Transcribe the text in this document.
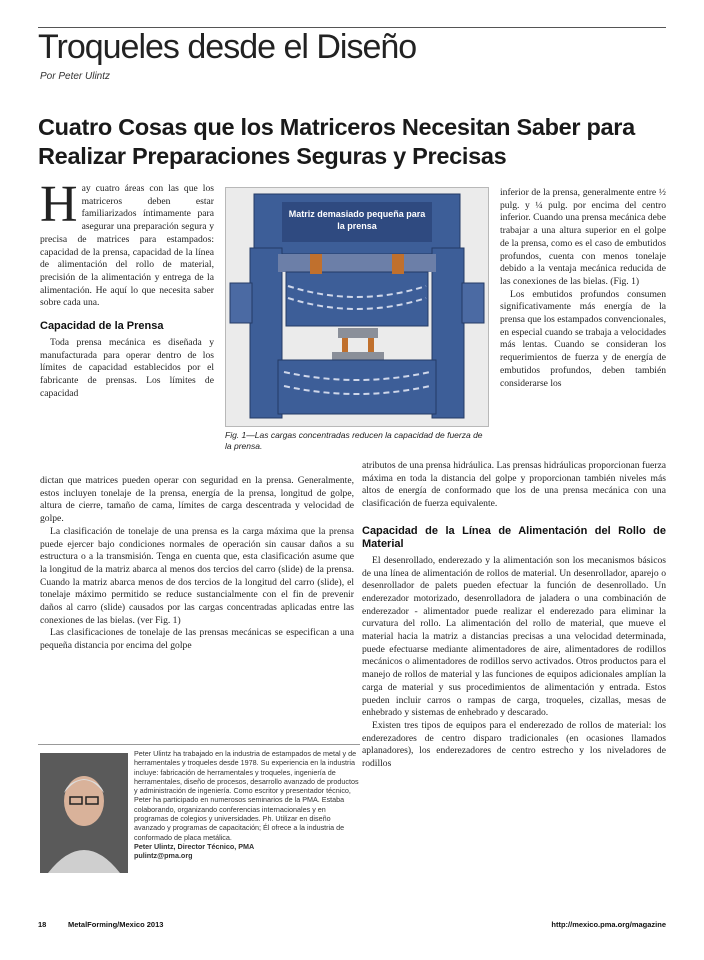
Troqueles desde el Diseño
Por Peter Ulintz
Cuatro Cosas que los Matriceros Necesitan Saber para Realizar Preparaciones Seguras y Precisas

Hay cuatro áreas con las que los matriceros deben estar familiarizados íntimamente para asegurar una preparación segura y precisa de matrices para estampados: capacidad de la prensa, capacidad de la línea de alimentación del rollo de material, precisión de la alimentación y entrega de la alimentación. He aquí lo que necesita saber sobre cada una.

Capacidad de la Prensa

Toda prensa mecánica es diseñada y manufacturada para operar dentro de los límites de capacidad establecidos por el fabricante de prensas. Los límites de capacidad

Matriz demasiado pequeña para la prensa
Fig. 1—Las cargas concentradas reducen la capacidad de fuerza de la prensa.

inferior de la prensa, generalmente entre ½ pulg. y ¼ pulg. por encima del centro inferior. Cuando una prensa mecánica debe trabajar a una altura superior en el golpe de la prensa, como es el caso de embutidos profundos, cuenta con menos tonelaje debido a la ventaja mecánica reducida de las conexiones de las bielas. (Fig. 1)

Los embutidos profundos consumen significativamente más energía de la prensa que los estampados convencionales, en especial cuando se trabaja a velocidades más lentas. Cuando se consideran los requerimientos de fuerza y de energía de embutidos profundos, deben también considerarse los

dictan que matrices pueden operar con seguridad en la prensa. Generalmente, estos incluyen tonelaje de la prensa, energía de la prensa, longitud de golpe, altura de cierre, tamaño de cama, límites de carga descentrada y velocidad de golpe.

La clasificación de tonelaje de una prensa es la carga máxima que la prensa puede ejercer bajo condiciones normales de operación sin causar daños a su estructura o a la transmisión. Tenga en cuenta que, esta clasificación asume que la longitud de la matriz abarca al menos dos tercios del carro (slide) de la prensa. Cuando la matriz abarca menos de dos tercios de la longitud del carro (slide), el tonelaje máximo permitido se reduce sustancialmente con el fin de prevenir daños al carro (slide) causados por las cargas concentradas aplicadas entre las conexiones de las bielas. (ver Fig. 1)

Las clasificaciones de tonelaje de las prensas mecánicas se especifican a una pequeña distancia por encima del golpe

atributos de una prensa hidráulica. Las prensas hidráulicas proporcionan fuerza máxima en toda la distancia del golpe y proporcionan también niveles más altos de energía de conformado que los de una prensa mecánica con una clasificación de fuerza equivalente.

Capacidad de la Línea de Alimentación del Rollo de Material

El desenrollado, enderezado y la alimentación son los mecanismos básicos de una línea de alimentación de rollos de material. Un desenrollador, aparejo o desenrollador de palets pueden efectuar la función de desenrollado. Un enderezador motorizado, desenrolladora de jaladera o una combinación de enderezador - alimentador puede realizar el enderezado para eliminar la curvatura del rollo. La alimentación del rollo de material, que mueve el material hacia la matriz a distancias precisas a una velocidad determinada, puede efectuarse mediante alimentadores de aire, alimentadores de rodillos mecánicos o alimentadores de rodillos servo activados. Otros productos para el manejo de rollos de material y las funciones de equipos adicionales amplían la carga de material y sus procedimientos de alimentación y entrada. Estos pueden incluir carros o rampas de carga, troqueles, cizallas, mesas de enhebrado y sistemas de enhebrado y descarado.

Existen tres tipos de equipos para el enderezado de rollos de material: los enderezadores de centro disparo tradicionales (en ocasiones llamados aplanadores), los enderezadores de centro estrecho y los niveladores de rodillos

Peter Ulintz ha trabajado en la industria de estampados de metal y de herramentales y troqueles desde 1978. Su experiencia en la industria incluye: fabricación de herramentales y troqueles, ingeniería de herramentales, diseño de procesos, desarrollo avanzado de productos y administración de ingeniería. Como escritor y presentador técnico, Peter ha participado en numerosos seminarios de la PMA. Estaba colaborando, organizando conferencias internacionales y en programas de colegios y universidades. Ph. Utilizar en diseño avanzado y programas de capacitación; Él ofrece a la industria de conformado de placa metálica.
Peter Ulintz, Director Técnico, PMA
pulintz@pma.org
18	MetalForming/Mexico 2013	http://mexico.pma.org/magazine
